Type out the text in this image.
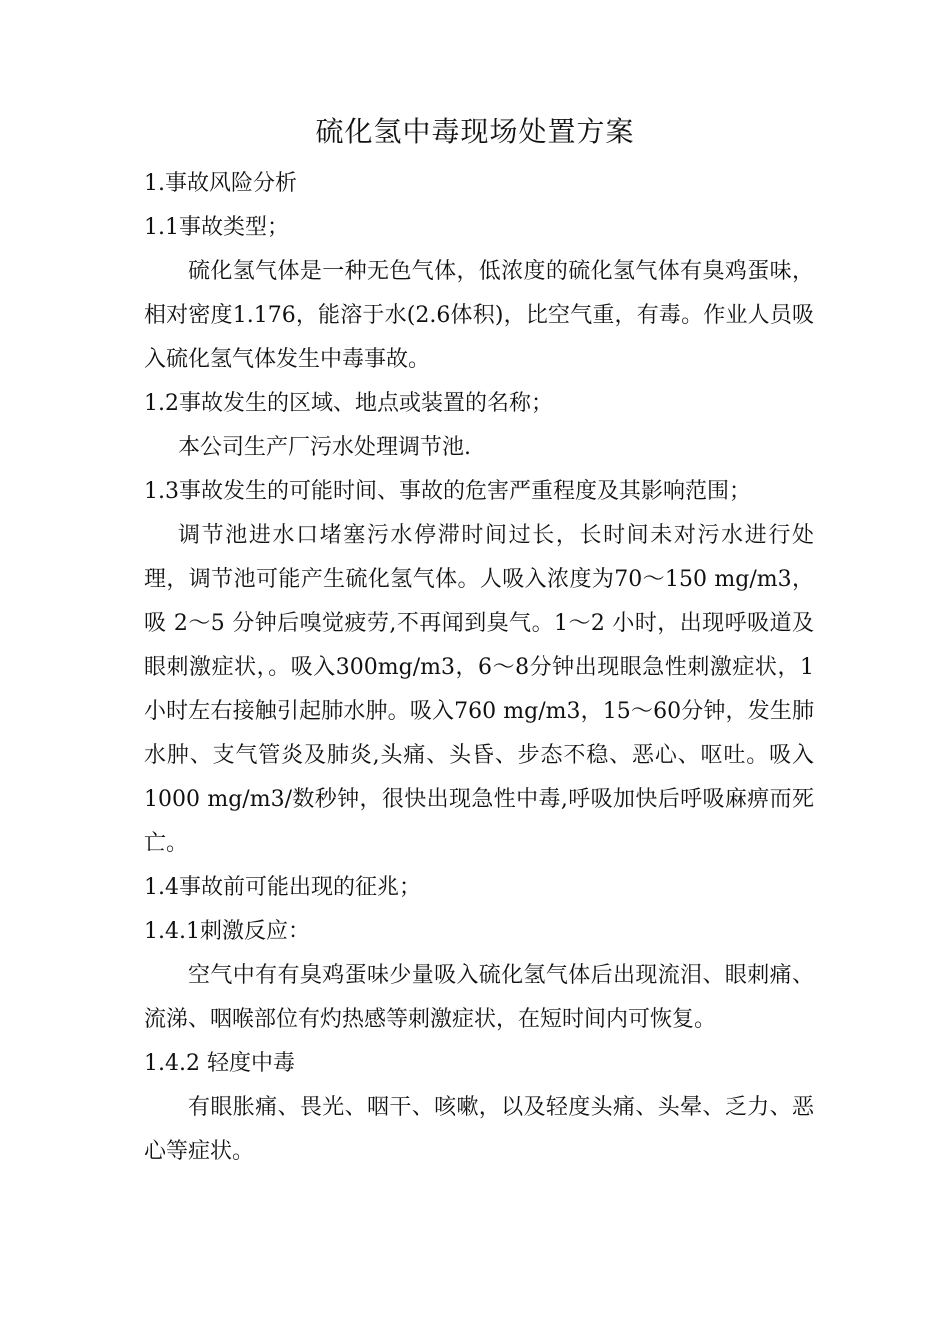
硫化氢中毒现场处置方案

1.事故风险分析

1.1事故类型；

硫化氢气体是一种无色气体，低浓度的硫化氢气体有臭鸡蛋味，相对密度1.176，能溶于水(2.6体积)，比空气重，有毒。作业人员吸入硫化氢气体发生中毒事故。

1.2事故发生的区域、地点或装置的名称；

本公司生产厂污水处理调节池.

1.3事故发生的可能时间、事故的危害严重程度及其影响范围；

调节池进水口堵塞污水停滞时间过长，长时间未对污水进行处理，调节池可能产生硫化氢气体。人吸入浓度为70～150 mg/m3，吸 2～5 分钟后嗅觉疲劳,不再闻到臭气。1～2 小时，出现呼吸道及眼刺激症状，。吸入300mg/m3，6～8分钟出现眼急性刺激症状，1小时左右接触引起肺水肿。吸入760 mg/m3，15～60分钟，发生肺水肿、支气管炎及肺炎,头痛、头昏、步态不稳、恶心、呕吐。吸入 1000 mg/m3/数秒钟，很快出现急性中毒,呼吸加快后呼吸麻痹而死亡。

1.4事故前可能出现的征兆；

1.4.1刺激反应：

空气中有有臭鸡蛋味少量吸入硫化氢气体后出现流泪、眼刺痛、流涕、咽喉部位有灼热感等刺激症状，在短时间内可恢复。

1.4.2 轻度中毒

有眼胀痛、畏光、咽干、咳嗽，以及轻度头痛、头晕、乏力、恶心等症状。
